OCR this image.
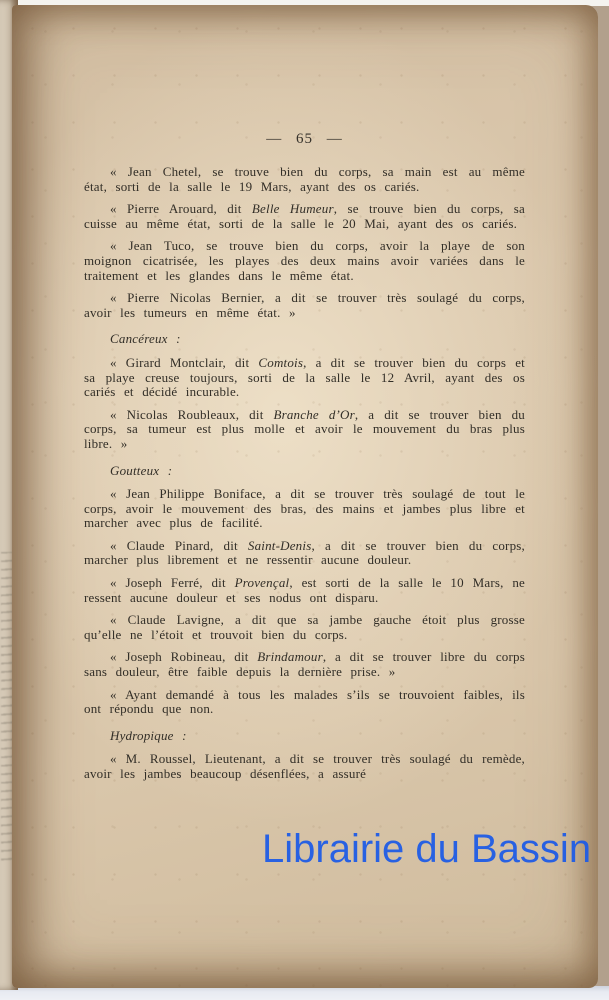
— 65 —

« Jean Chetel, se trouve bien du corps, sa main est au même état, sorti de la salle le 19 Mars, ayant des os cariés.

« Pierre Arouard, dit Belle Humeur, se trouve bien du corps, sa cuisse au même état, sorti de la salle le 20 Mai, ayant des os cariés.

« Jean Tuco, se trouve bien du corps, avoir la playe de son moignon cicatrisée, les playes des deux mains avoir variées dans le traitement et les glandes dans le même état.

« Pierre Nicolas Bernier, a dit se trouver très soulagé du corps, avoir les tumeurs en même état. »

Cancéreux :

« Girard Montclair, dit Comtois, a dit se trouver bien du corps et sa playe creuse toujours, sorti de la salle le 12 Avril, ayant des os cariés et décidé incurable.

« Nicolas Roubleaux, dit Branche d’Or, a dit se trouver bien du corps, sa tumeur est plus molle et avoir le mouvement du bras plus libre. »

Goutteux :

« Jean Philippe Boniface, a dit se trouver très soulagé de tout le corps, avoir le mouvement des bras, des mains et jambes plus libre et marcher avec plus de facilité.

« Claude Pinard, dit Saint-Denis, a dit se trouver bien du corps, marcher plus librement et ne ressentir aucune douleur.

« Joseph Ferré, dit Provençal, est sorti de la salle le 10 Mars, ne ressent aucune douleur et ses nodus ont disparu.

« Claude Lavigne, a dit que sa jambe gauche étoit plus grosse qu’elle ne l’étoit et trouvoit bien du corps.

« Joseph Robineau, dit Brindamour, a dit se trouver libre du corps sans douleur, être faible depuis la dernière prise. »

« Ayant demandé à tous les malades s’ils se trouvoient faibles, ils ont répondu que non.

Hydropique :

« M. Roussel, Lieutenant, a dit se trouver très soulagé du remède, avoir les jambes beaucoup désenflées, a assuré

Librairie du Bassin
